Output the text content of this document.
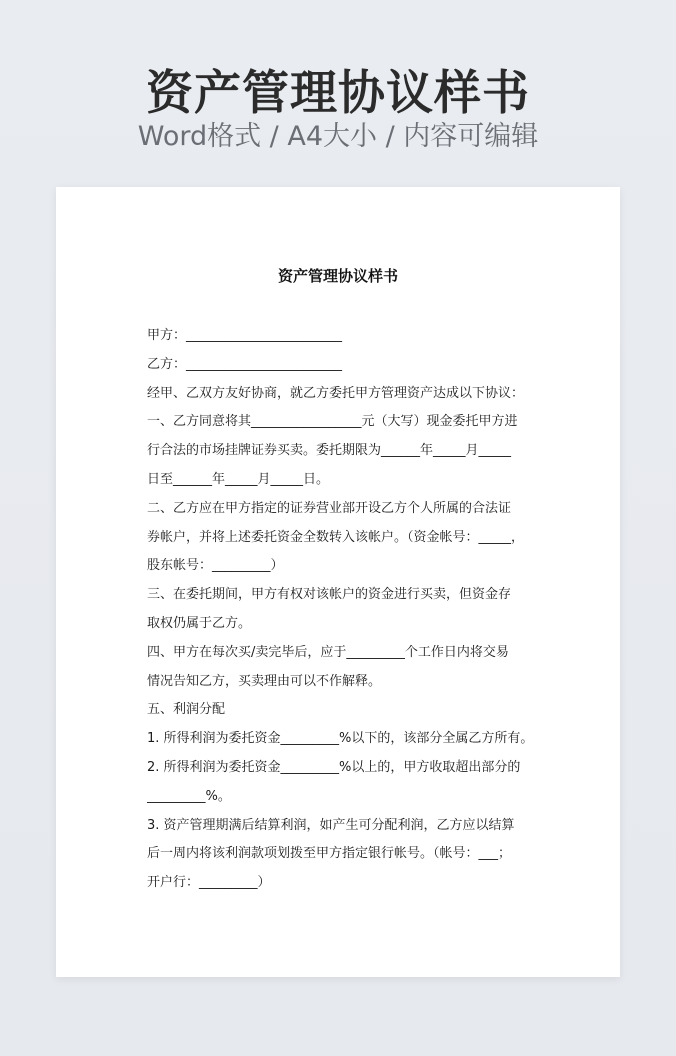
资产管理协议样书
Word格式 / A4大小 / 内容可编辑
资产管理协议样书
甲方：________________________
乙方：________________________
经甲、乙双方友好协商，就乙方委托甲方管理资产达成以下协议：
一、乙方同意将其_________________元（大写）现金委托甲方进
行合法的市场挂牌证券买卖。委托期限为______年_____月_____
日至______年_____月_____日。
二、乙方应在甲方指定的证券营业部开设乙方个人所属的合法证
券帐户，并将上述委托资金全数转入该帐户。（资金帐号：_____，
股东帐号：_________）
三、在委托期间，甲方有权对该帐户的资金进行买卖，但资金存
取权仍属于乙方。
四、甲方在每次买/卖完毕后，应于_________个工作日内将交易
情况告知乙方，买卖理由可以不作解释。
五、利润分配
1. 所得利润为委托资金_________%以下的，该部分全属乙方所有。
2. 所得利润为委托资金_________%以上的，甲方收取超出部分的
_________%。
3. 资产管理期满后结算利润，如产生可分配利润，乙方应以结算
后一周内将该利润款项划拨至甲方指定银行帐号。（帐号：___；
开户行：_________）
